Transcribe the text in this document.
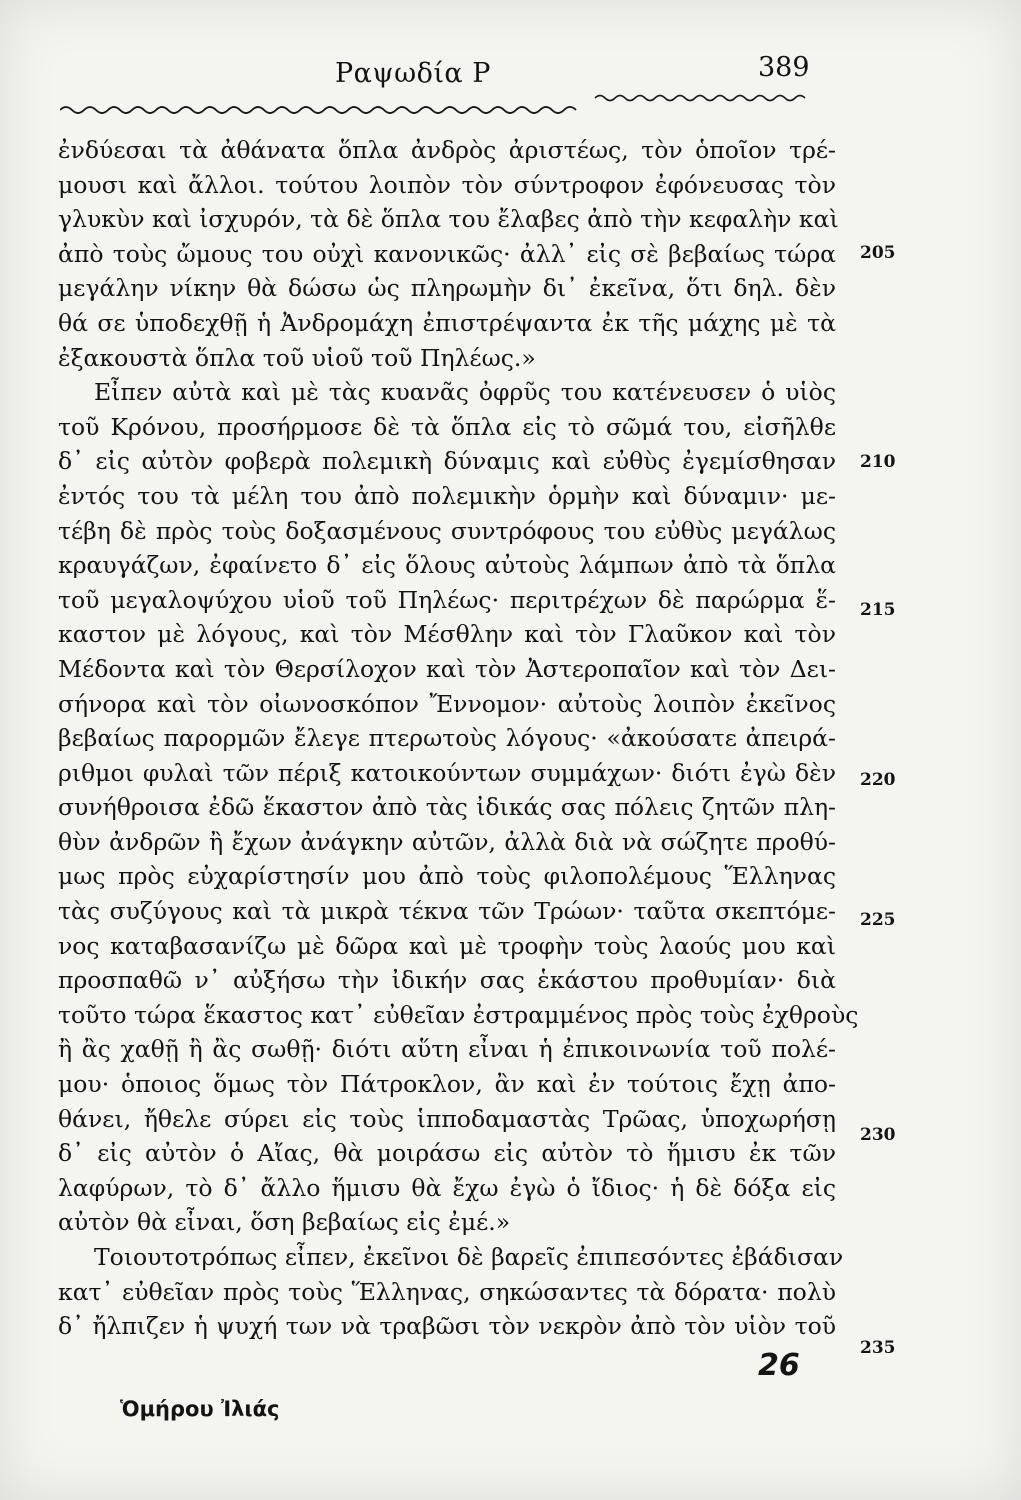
Ραψωδία Ρ	389
ἐνδύεσαι τὰ ἀθάνατα ὅπλα ἀνδρὸς ἀριστέως, τὸν ὁποῖον τρέ-
μουσι καὶ ἄλλοι. τούτου λοιπὸν τὸν σύντροφον ἐφόνευσας τὸν
γλυκὺν καὶ ἰσχυρόν, τὰ δὲ ὅπλα του ἔλαβες ἀπὸ τὴν κεφαλὴν καὶ
ἀπὸ τοὺς ὤμους του οὐχὶ κανονικῶς· ἀλλ᾽ εἰς σὲ βεβαίως τώρα
μεγάλην νίκην θὰ δώσω ὡς πληρωμὴν δι᾽ ἐκεῖνα, ὅτι δηλ. δὲν
θά σε ὑποδεχθῇ ἡ Ἀνδρομάχη ἐπιστρέψαντα ἐκ τῆς μάχης μὲ τὰ
ἐξακουστὰ ὅπλα τοῦ υἱοῦ τοῦ Πηλέως.»
Εἶπεν αὐτὰ καὶ μὲ τὰς κυανᾶς ὀφρῦς του κατένευσεν ὁ υἱὸς
τοῦ Κρόνου, προσήρμοσε δὲ τὰ ὅπλα εἰς τὸ σῶμά του, εἰσῆλθε
δ᾽ εἰς αὐτὸν φοβερὰ πολεμικὴ δύναμις καὶ εὐθὺς ἐγεμίσθησαν
ἐντός του τὰ μέλη του ἀπὸ πολεμικὴν ὁρμὴν καὶ δύναμιν· με-
τέβη δὲ πρὸς τοὺς δοξασμένους συντρόφους του εὐθὺς μεγάλως
κραυγάζων, ἐφαίνετο δ᾽ εἰς ὅλους αὐτοὺς λάμπων ἀπὸ τὰ ὅπλα
τοῦ μεγαλοψύχου υἱοῦ τοῦ Πηλέως· περιτρέχων δὲ παρώρμα ἕ-
καστον μὲ λόγους, καὶ τὸν Μέσθλην καὶ τὸν Γλαῦκον καὶ τὸν
Μέδοντα καὶ τὸν Θερσίλοχον καὶ τὸν Ἀστεροπαῖον καὶ τὸν Δει-
σήνορα καὶ τὸν οἰωνοσκόπον Ἔννομον· αὐτοὺς λοιπὸν ἐκεῖνος
βεβαίως παρορμῶν ἔλεγε πτερωτοὺς λόγους· «ἀκούσατε ἀπειρά-
ριθμοι φυλαὶ τῶν πέριξ κατοικούντων συμμάχων· διότι ἐγὼ δὲν
συνήθροισα ἐδῶ ἕκαστον ἀπὸ τὰς ἰδικάς σας πόλεις ζητῶν πλη-
θὺν ἀνδρῶν ἢ ἔχων ἀνάγκην αὐτῶν, ἀλλὰ διὰ νὰ σώζητε προθύ-
μως πρὸς εὐχαρίστησίν μου ἀπὸ τοὺς φιλοπολέμους Ἕλληνας
τὰς συζύγους καὶ τὰ μικρὰ τέκνα τῶν Τρώων· ταῦτα σκεπτόμε-
νος καταβασανίζω μὲ δῶρα καὶ μὲ τροφὴν τοὺς λαούς μου καὶ
προσπαθῶ ν᾽ αὐξήσω τὴν ἰδικήν σας ἑκάστου προθυμίαν· διὰ
τοῦτο τώρα ἕκαστος κατ᾽ εὐθεῖαν ἐστραμμένος πρὸς τοὺς ἐχθροὺς
ἢ ἂς χαθῇ ἢ ἂς σωθῇ· διότι αὕτη εἶναι ἡ ἐπικοινωνία τοῦ πολέ-
μου· ὁποιος ὅμως τὸν Πάτροκλον, ἂν καὶ ἐν τούτοις ἔχῃ ἀπο-
θάνει, ἤθελε σύρει εἰς τοὺς ἱπποδαμαστὰς Τρῶας, ὑποχωρήσῃ
δ᾽ εἰς αὐτὸν ὁ Αἴας, θὰ μοιράσω εἰς αὐτὸν τὸ ἥμισυ ἐκ τῶν
λαφύρων, τὸ δ᾽ ἄλλο ἥμισυ θὰ ἔχω ἐγὼ ὁ ἴδιος· ἡ δὲ δόξα εἰς
αὐτὸν θὰ εἶναι, ὅση βεβαίως εἰς ἐμέ.»
Τοιουτοτρόπως εἶπεν, ἐκεῖνοι δὲ βαρεῖς ἐπιπεσόντες ἐβάδισαν
κατ᾽ εὐθεῖαν πρὸς τοὺς Ἕλληνας, σηκώσαντες τὰ δόρατα· πολὺ
δ᾽ ἤλπιζεν ἡ ψυχή των νὰ τραβῶσι τὸν νεκρὸν ἀπὸ τὸν υἱὸν τοῦ
205
210
215
220
225
230
235
26
Ὁμήρου Ἰλιάς
